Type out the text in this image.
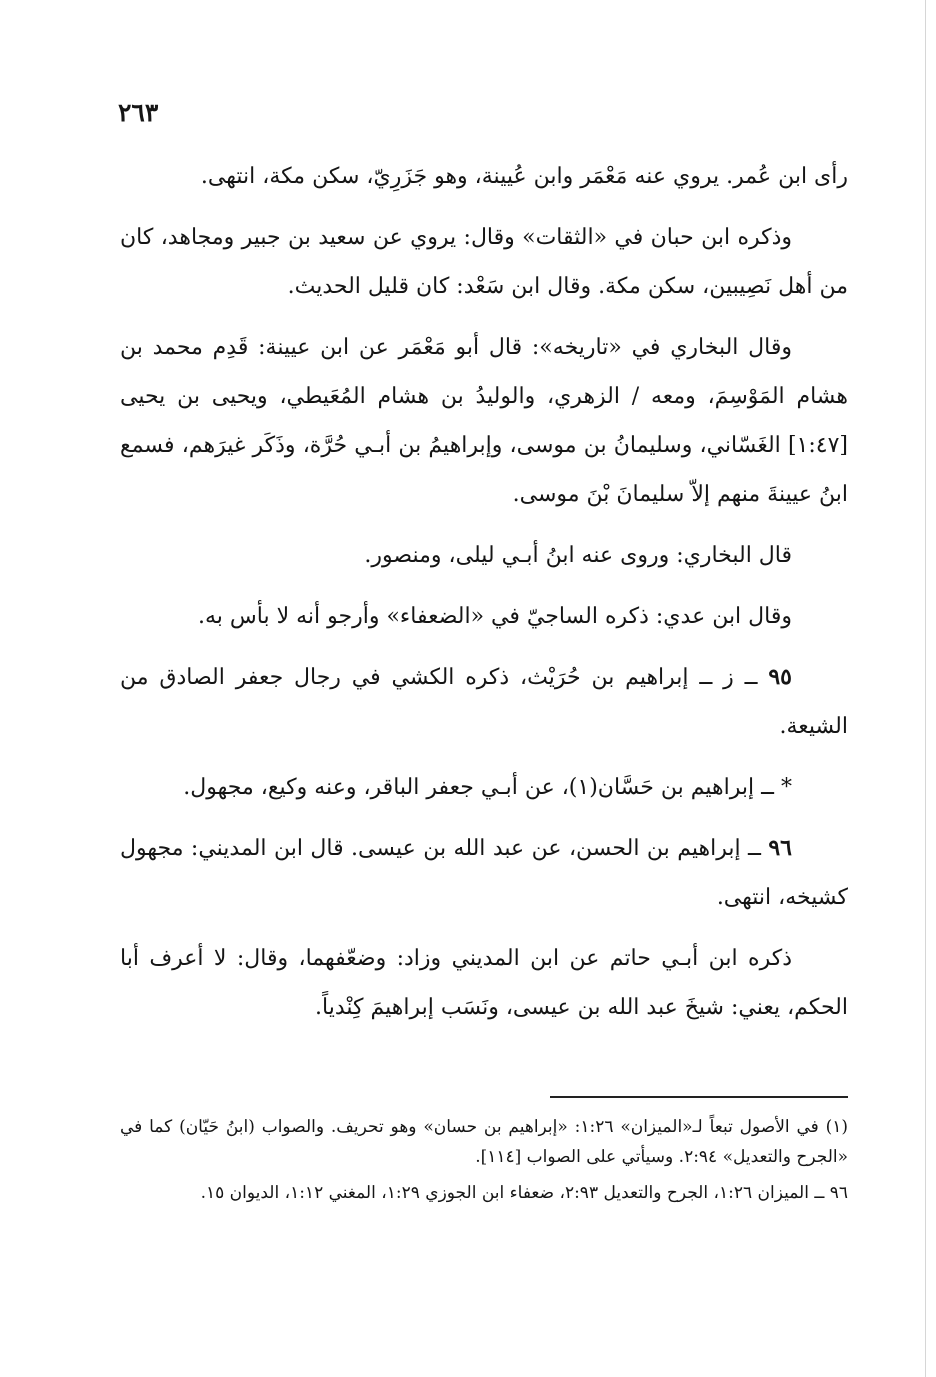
٢٦٣

رأى ابن عُمر. يروي عنه مَعْمَر وابن عُيينة، وهو جَزَرِيّ، سكن مكة، انتهى.

وذكره ابن حبان في «الثقات» وقال: يروي عن سعيد بن جبير ومجاهد، كان من أهل نَصِيبين، سكن مكة. وقال ابن سَعْد: كان قليل الحديث.

وقال البخاري في «تاريخه»: قال أبو مَعْمَر عن ابن عيينة: قَدِم محمد بن هشام المَوْسِمَ، ومعه / الزهري، والوليدُ بن هشام المُعَيطي، ويحيى بن يحيى [١:٤٧] الغَسّاني، وسليمانُ بن موسى، وإبراهيمُ بن أبـي حُرَّة، وذَكَر غيرَهم، فسمع ابنُ عيينةَ منهم إلاّ سليمانَ بْنَ موسى.

قال البخاري: وروى عنه ابنُ أبـي ليلى، ومنصور.

وقال ابن عدي: ذكره الساجيّ في «الضعفاء» وأرجو أنه لا بأس به.

٩٥ ــ ز ــ إبراهيم بن حُرَيْث، ذكره الكشي في رجال جعفر الصادق من الشيعة.

* ــ إبراهيم بن حَسَّان(١)، عن أبـي جعفر الباقر، وعنه وكيع، مجهول.

٩٦ ــ إبراهيم بن الحسن، عن عبد الله بن عيسى. قال ابن المديني: مجهول كشيخه، انتهى.

ذكره ابن أبـي حاتم عن ابن المديني وزاد: وضعّفهما، وقال: لا أعرف أبا الحكم، يعني: شيخَ عبد الله بن عيسى، ونَسَب إبراهيمَ كِنْدياً.

(١) في الأصول تبعاً لـ«الميزان» ١:٢٦: «إبراهيم بن حسان» وهو تحريف. والصواب (ابنُ حَيّان) كما في «الجرح والتعديل» ٢:٩٤. وسيأتي على الصواب [١١٤].

٩٦ ــ الميزان ١:٢٦، الجرح والتعديل ٢:٩٣، ضعفاء ابن الجوزي ١:٢٩، المغني ١:١٢، الديوان ١٥.
